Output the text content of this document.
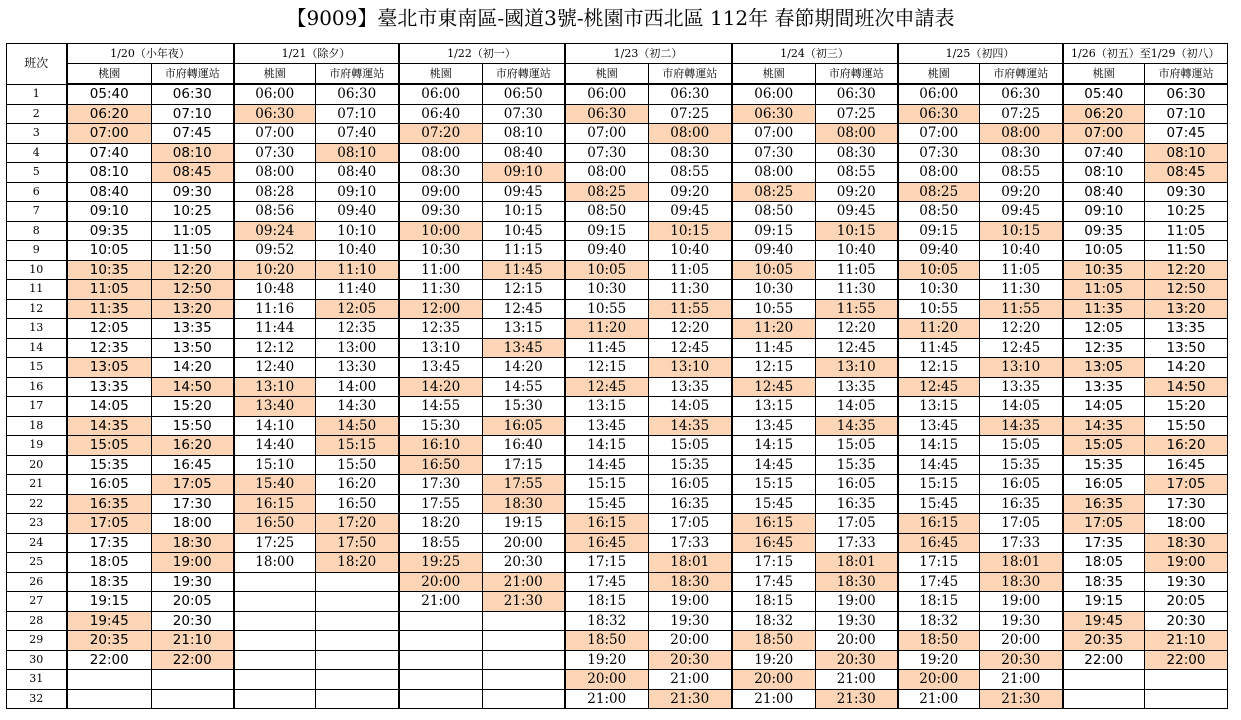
【9009】臺北市東南區-國道3號-桃園市西北區 112年 春節期間班次申請表
班次	1/20（小年夜）		1/21（除夕）		1/22（初一）		1/23（初二）		1/24（初三）		1/25（初四）		1/26（初五）至1/29（初八）	
	桃園	市府轉運站	桃園	市府轉運站	桃園	市府轉運站	桃園	市府轉運站	桃園	市府轉運站	桃園	市府轉運站	桃園	市府轉運站
1	05:40	06:30	06:00	06:30	06:00	06:50	06:00	06:30	06:00	06:30	06:00	06:30	05:40	06:30
2	06:20	07:10	06:30	07:10	06:40	07:30	06:30	07:25	06:30	07:25	06:30	07:25	06:20	07:10
3	07:00	07:45	07:00	07:40	07:20	08:10	07:00	08:00	07:00	08:00	07:00	08:00	07:00	07:45
4	07:40	08:10	07:30	08:10	08:00	08:40	07:30	08:30	07:30	08:30	07:30	08:30	07:40	08:10
5	08:10	08:45	08:00	08:40	08:30	09:10	08:00	08:55	08:00	08:55	08:00	08:55	08:10	08:45
6	08:40	09:30	08:28	09:10	09:00	09:45	08:25	09:20	08:25	09:20	08:25	09:20	08:40	09:30
7	09:10	10:25	08:56	09:40	09:30	10:15	08:50	09:45	08:50	09:45	08:50	09:45	09:10	10:25
8	09:35	11:05	09:24	10:10	10:00	10:45	09:15	10:15	09:15	10:15	09:15	10:15	09:35	11:05
9	10:05	11:50	09:52	10:40	10:30	11:15	09:40	10:40	09:40	10:40	09:40	10:40	10:05	11:50
10	10:35	12:20	10:20	11:10	11:00	11:45	10:05	11:05	10:05	11:05	10:05	11:05	10:35	12:20
11	11:05	12:50	10:48	11:40	11:30	12:15	10:30	11:30	10:30	11:30	10:30	11:30	11:05	12:50
12	11:35	13:20	11:16	12:05	12:00	12:45	10:55	11:55	10:55	11:55	10:55	11:55	11:35	13:20
13	12:05	13:35	11:44	12:35	12:35	13:15	11:20	12:20	11:20	12:20	11:20	12:20	12:05	13:35
14	12:35	13:50	12:12	13:00	13:10	13:45	11:45	12:45	11:45	12:45	11:45	12:45	12:35	13:50
15	13:05	14:20	12:40	13:30	13:45	14:20	12:15	13:10	12:15	13:10	12:15	13:10	13:05	14:20
16	13:35	14:50	13:10	14:00	14:20	14:55	12:45	13:35	12:45	13:35	12:45	13:35	13:35	14:50
17	14:05	15:20	13:40	14:30	14:55	15:30	13:15	14:05	13:15	14:05	13:15	14:05	14:05	15:20
18	14:35	15:50	14:10	14:50	15:30	16:05	13:45	14:35	13:45	14:35	13:45	14:35	14:35	15:50
19	15:05	16:20	14:40	15:15	16:10	16:40	14:15	15:05	14:15	15:05	14:15	15:05	15:05	16:20
20	15:35	16:45	15:10	15:50	16:50	17:15	14:45	15:35	14:45	15:35	14:45	15:35	15:35	16:45
21	16:05	17:05	15:40	16:20	17:30	17:55	15:15	16:05	15:15	16:05	15:15	16:05	16:05	17:05
22	16:35	17:30	16:15	16:50	17:55	18:30	15:45	16:35	15:45	16:35	15:45	16:35	16:35	17:30
23	17:05	18:00	16:50	17:20	18:20	19:15	16:15	17:05	16:15	17:05	16:15	17:05	17:05	18:00
24	17:35	18:30	17:25	17:50	18:55	20:00	16:45	17:33	16:45	17:33	16:45	17:33	17:35	18:30
25	18:05	19:00	18:00	18:20	19:25	20:30	17:15	18:01	17:15	18:01	17:15	18:01	18:05	19:00
26	18:35	19:30			20:00	21:00	17:45	18:30	17:45	18:30	17:45	18:30	18:35	19:30
27	19:15	20:05			21:00	21:30	18:15	19:00	18:15	19:00	18:15	19:00	19:15	20:05
28	19:45	20:30					18:32	19:30	18:32	19:30	18:32	19:30	19:45	20:30
29	20:35	21:10					18:50	20:00	18:50	20:00	18:50	20:00	20:35	21:10
30	22:00	22:00					19:20	20:30	19:20	20:30	19:20	20:30	22:00	22:00
31							20:00	21:00	20:00	21:00	20:00	21:00		
32							21:00	21:30	21:00	21:30	21:00	21:30		
